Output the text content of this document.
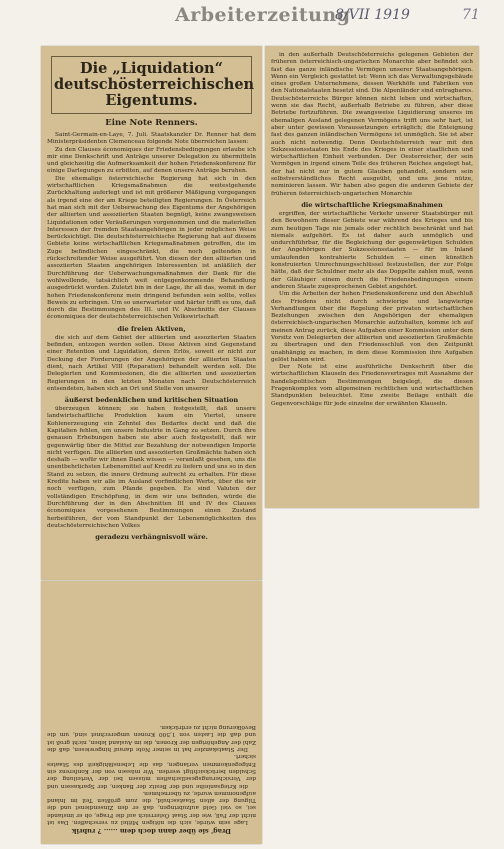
Arbeiterzeitung
8/VII 1919	71
Die „Liquidation“ deutschösterreichischen Eigentums.
Eine Note Renners.

Saint-Germain-en-Laye, 7. Juli. Staatskanzler Dr. Renner hat dem Ministerpräsidenten Clemenceau folgende Note überreichen lassen:

Zu den Clauses économiques der Friedensbedingungen erlaube ich mir eine Denkschrift und Anträge unserer Delegation zu übermitteln und gleichzeitig die Aufmerksamkeit der hohen Friedenskonferenz für einige Darlegungen zu erbitten, auf denen unsere Anträge beruhen.

Die ehemalige österreichische Regierung hat sich in den wirtschaftlichen Kriegsmaßnahmen die weitestgehende Zurückhaltung auferlegt und ist mit größerer Mäßigung vorgegangen als irgend eine der am Kriege beteiligten Regierungen. In Österreich hat man sich mit der Ueberwachung des Eigentums der Angehörigen der alliierten und assoziierten Staaten begnügt, keine zwangsweisen Liquidationen oder Veräußerungen vorgenommen und die materiellen Interessen der fremden Staatsangehörigen in jeder möglichen Weise berücksichtigt. Die deutschösterreichische Regierung hat auf diesem Gebiete keine wirtschaftlichen Kriegsmaßnahmen getroffen, die im Zuge befindlichen eingeschränkt, die noch geltenden in rückschreitender Weise ausgeführt. Von diesen der den alliierten und assoziierten Staaten angehörigen Interessenten ist anläßlich der Durchführung der Ueberwachungsmaßnahmen der Dank für die wohlwollende, tatsächlich weit entgegenkommende Behandlung ausgedrückt worden. Zuletzt bin in der Lage, ihr all das, womit in der hohen Friedenskonferenz mein dringend befunden sein sollte, volles Beweis zu erbringen. Um so unerwarteter und härter trifft es uns, daß durch die Bestimmungen des III. und IV. Abschnitts der Clauses économiques der deutschösterreichischen Volkswirtschaft

die freien Aktiven,

die sich auf dem Gebiet der alliierten und assoziierten Staaten befinden, entzogen werden sollen. Diese Aktiven sind Gegenstand einer Retention und Liquidation, deren Erlös, soweit er nicht zur Deckung der Forderungen der Angehörigen der alliierten Staaten dient, nach Artikel VIII (Reparation) behandelt werden soll. Die Delegierten und Kommissionen, die die alliierten und assoziierten Regierungen in den letzten Monaten nach Deutschösterreich entsendeten, haben sich an Ort und Stelle von unserer

äußerst bedenklichen und kritischen Situation

überzeugen können; sie haben festgestellt, daß unsere landwirtschaftliche Produktion kaum ein Viertel, unsere Kohlenerzeugung ein Zehntel des Bedarfes deckt und daß die Kapitalien fehlen, um unsere Industrie in Gang zu setzen. Durch ihre genauen Erhebungen haben sie aber auch festgestellt, daß wir gegenwärtig über die Mittel zur Bezahlung der notwendigen Importe nicht verfügen. Die alliierten und assoziierten Großmächte haben sich deshalb — wofür wir ihnen Dank wissen — veranlaßt gesehen, uns die unentbehrlichsten Lebensmittel auf Kredit zu liefern und uns so in den Stand zu setzen, die innere Ordnung aufrecht zu erhalten. Für diese Kredite haben wir alle im Ausland vorfindlichen Werte, über die wir noch verfügen, zum Pfande gegeben. Es sind Valuten der vollständigen Erschöpfung, in dem wir uns befinden, würde die Durchführung der in den Abschnitten III und IV des Clauses économiques vorgesehenen Bestimmungen einen Zustand herbeiführen, der vom Standpunkt der Lebensmöglichkeiten des deutschösterreichischen Volkes

geradezu verhängnisvoll wäre.

in den außerhalb Deutschösterreichs gelegenen Gebieten der früheren österreichisch-ungarischen Monarchie aber befindet sich fast das ganze inländische Vermögen unserer Staatsangehörigen. Wenn ein Vergleich gestattet ist: Wenn ich das Verwaltungsgebäude eines großen Unternehmens, dessen Werkhöfe und Fabriken von den Nationalstaaten besetzt sind. Die Alpenländer sind entragbares. Deutschösterreichs Bürger können nicht leben und wirtschaften, wenn sie das Recht, außerhalb Betriebe zu führen, aber diese Betriebe fortzuführen. Die zwangsweise Liquidierung unseres im ehemaligen Ausland gelegenen Vermögens trifft uns sehr hart, ist aber unter gewissen Voraussetzungen erträglich; die Enteignung fast des ganzen inländischen Vermögens ist unmöglich. Sie ist aber auch nicht notwendig. Denn Deutschösterreich war mit den Sukzessionsstaaten bis Ende des Krieges in einer staatlichen und wirtschaftlichen Einheit verbunden. Der Oesterreicher, der sein Vermögen in irgend einem Teile des früheren Reiches angelegt hat, der hat nicht nur in gutem Glauben gehandelt, sondern sein selbstverständliches Recht ausgeübt, und uns jene nütze, nominieren lassen. Wir haben also gegen die anderen Gebiete der früheren österreichisch-ungarischen Monarchie

die wirtschaftliche Kriegsmaßnahmen

ergriffen, der wirtschaftliche Verkehr unserer Staatsbürger mit den Bewohnern dieser Gebiete war während des Krieges und bis zum heutigen Tage nie jemals oder rechtlich beschränkt und hat niemals aufgehört. Es ist daher auch unmöglich und undurchführbar, für die Begleichung der gegenwärtigen Schulden der Angehörigen der Sukzessionsstaaten — für im Inland umlaufenden kontrahierte Schulden — einen künstlich konstruierten Umrechnungsschlüssel festzustellen, der zur Folge hätte, daß der Schuldner mehr als das Doppelte zahlen muß, wenn der Gläubiger einem durch die Friedensbedingungen einem anderen Staate zugesprochenen Gebiet angehört.

Um die Arbeiten der hohen Friedenskonferenz und den Abschluß des Friedens nicht durch schwierige und langwierige Verhandlungen über die Regelung der privaten wirtschaftlichen Beziehungen zwischen den Angehörigen der ehemaligen österreichisch-ungarischen Monarchie aufzuhalten, komme ich auf meinen Antrag zurück, diese Aufgaben einer Kommission unter dem Vorsitz von Delegierten der alliierten und assoziierten Großmächte zu übertragen und den Friedensschluß von den Zeitpunkt unabhängig zu machen, in dem diese Kommission ihre Aufgaben gelöst haben wird.

Der Note ist eine ausführliche Denkschrift über die wirtschaftlichen Klauseln des Friedensvertrages mit Ausnahme der handelspolitischen Bestimmungen beigelegt, die diesen Fragenkomplex vom allgemeinen rechtlichen und wirtschaftlichen Standpunkten beleuchtet. Eine zweite Beilage enthält die Gegenvorschläge für jede einzelne der erwähnten Klauseln.

Drag' sie über dann doch dem ...... ? rubrik

Lage sein würde, sich die nötigen Mittel zu verschaffen. Das ist nicht der Fall, wie der Staat Österreich auf die Frage, ob er imstande sei, so viel Geld aufzubringen, daß er den Zinsendienst und die Tilgung der alten Staatsschuld, die zum größten Teil im Inland aufgenommen wurde, zu übernehmen.

die Kriegsanleihe und der Besitz der Banken, der Sparkassen und der Versicherungsgesellschaften müssen bei der Verteilung der Schulden berücksichtigt werden. Wir müssen von der Konferenz ein Entgegenkommen verlangen, das die Lebensfähigkeit des Staates sichert.

Der Staatskanzler hat in seiner Note darauf hingewiesen, daß die Zahl der Angehörigen der Kronen, die im Ausland leben, nicht groß ist und daß die Lasten von 1,500 Kronen umgerechnet sind, um die Bevölkerung nicht zu erdrücken.
